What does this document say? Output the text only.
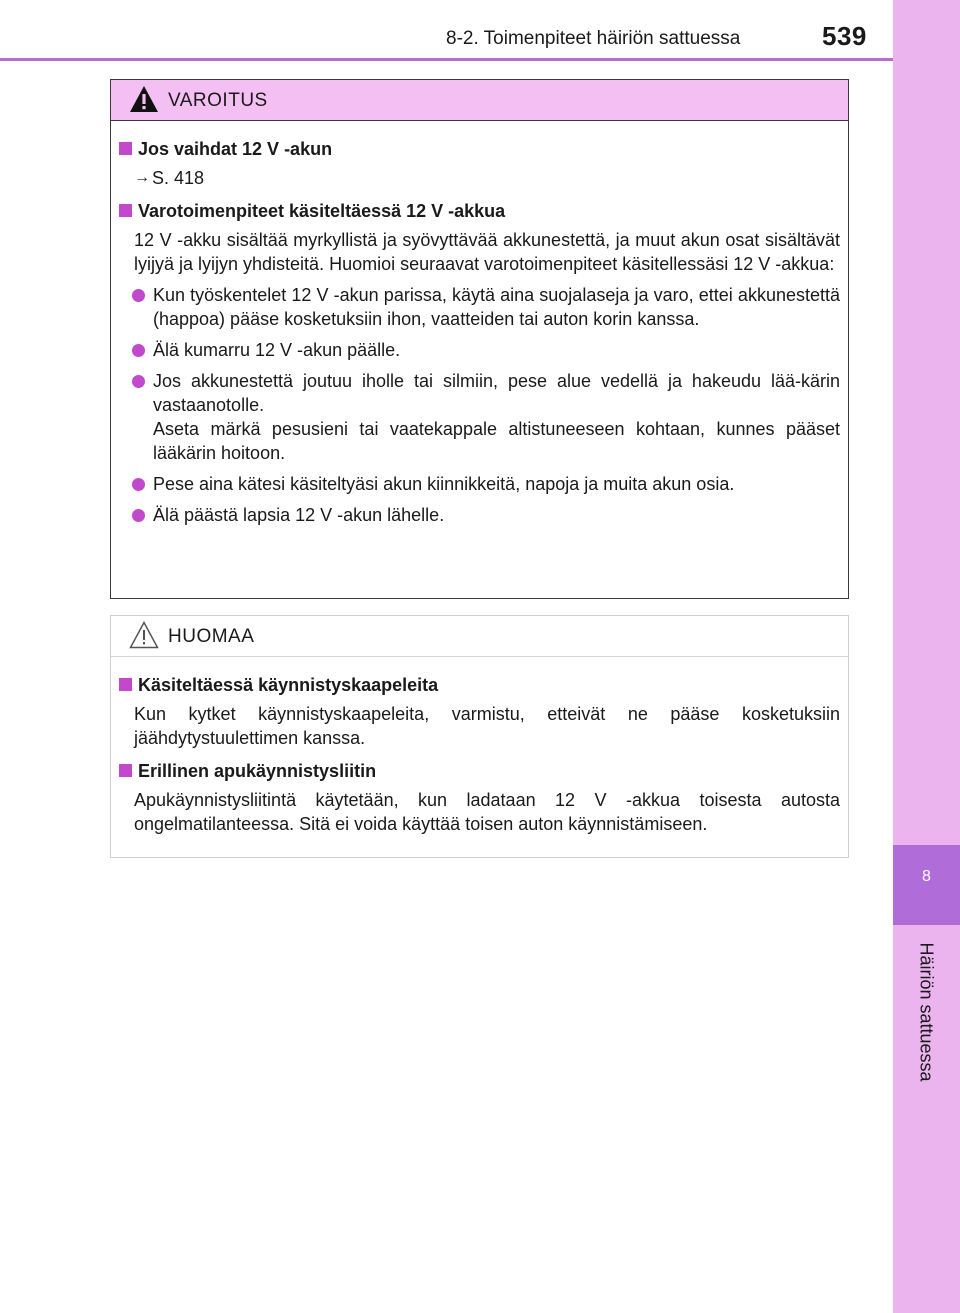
8-2. Toimenpiteet häiriön sattuessa	539
8
Häiriön sattuessa
VAROITUS
Jos vaihdat 12 V -akun
→ S. 418
Varotoimenpiteet käsiteltäessä 12 V -akkua
12 V -akku sisältää myrkyllistä ja syövyttävää akkunestettä, ja muut akun osat sisältävät lyijyä ja lyijyn yhdisteitä. Huomioi seuraavat varotoimenpiteet käsitellessäsi 12 V -akkua:
Kun työskentelet 12 V -akun parissa, käytä aina suojalaseja ja varo, ettei akkunestettä (happoa) pääse kosketuksiin ihon, vaatteiden tai auton korin kanssa.
Älä kumarru 12 V -akun päälle.
Jos akkunestettä joutuu iholle tai silmiin, pese alue vedellä ja hakeudu lää-kärin vastaanotolle.
Aseta märkä pesusieni tai vaatekappale altistuneeseen kohtaan, kunnes pääset lääkärin hoitoon.
Pese aina kätesi käsiteltyäsi akun kiinnikkeitä, napoja ja muita akun osia.
Älä päästä lapsia 12 V -akun lähelle.
HUOMAA
Käsiteltäessä käynnistyskaapeleita
Kun kytket käynnistyskaapeleita, varmistu, etteivät ne pääse kosketuksiin jäähdytystuulettimen kanssa.
Erillinen apukäynnistysliitin
Apukäynnistysliitintä käytetään, kun ladataan 12 V -akkua toisesta autosta ongelmatilanteessa. Sitä ei voida käyttää toisen auton käynnistämiseen.
